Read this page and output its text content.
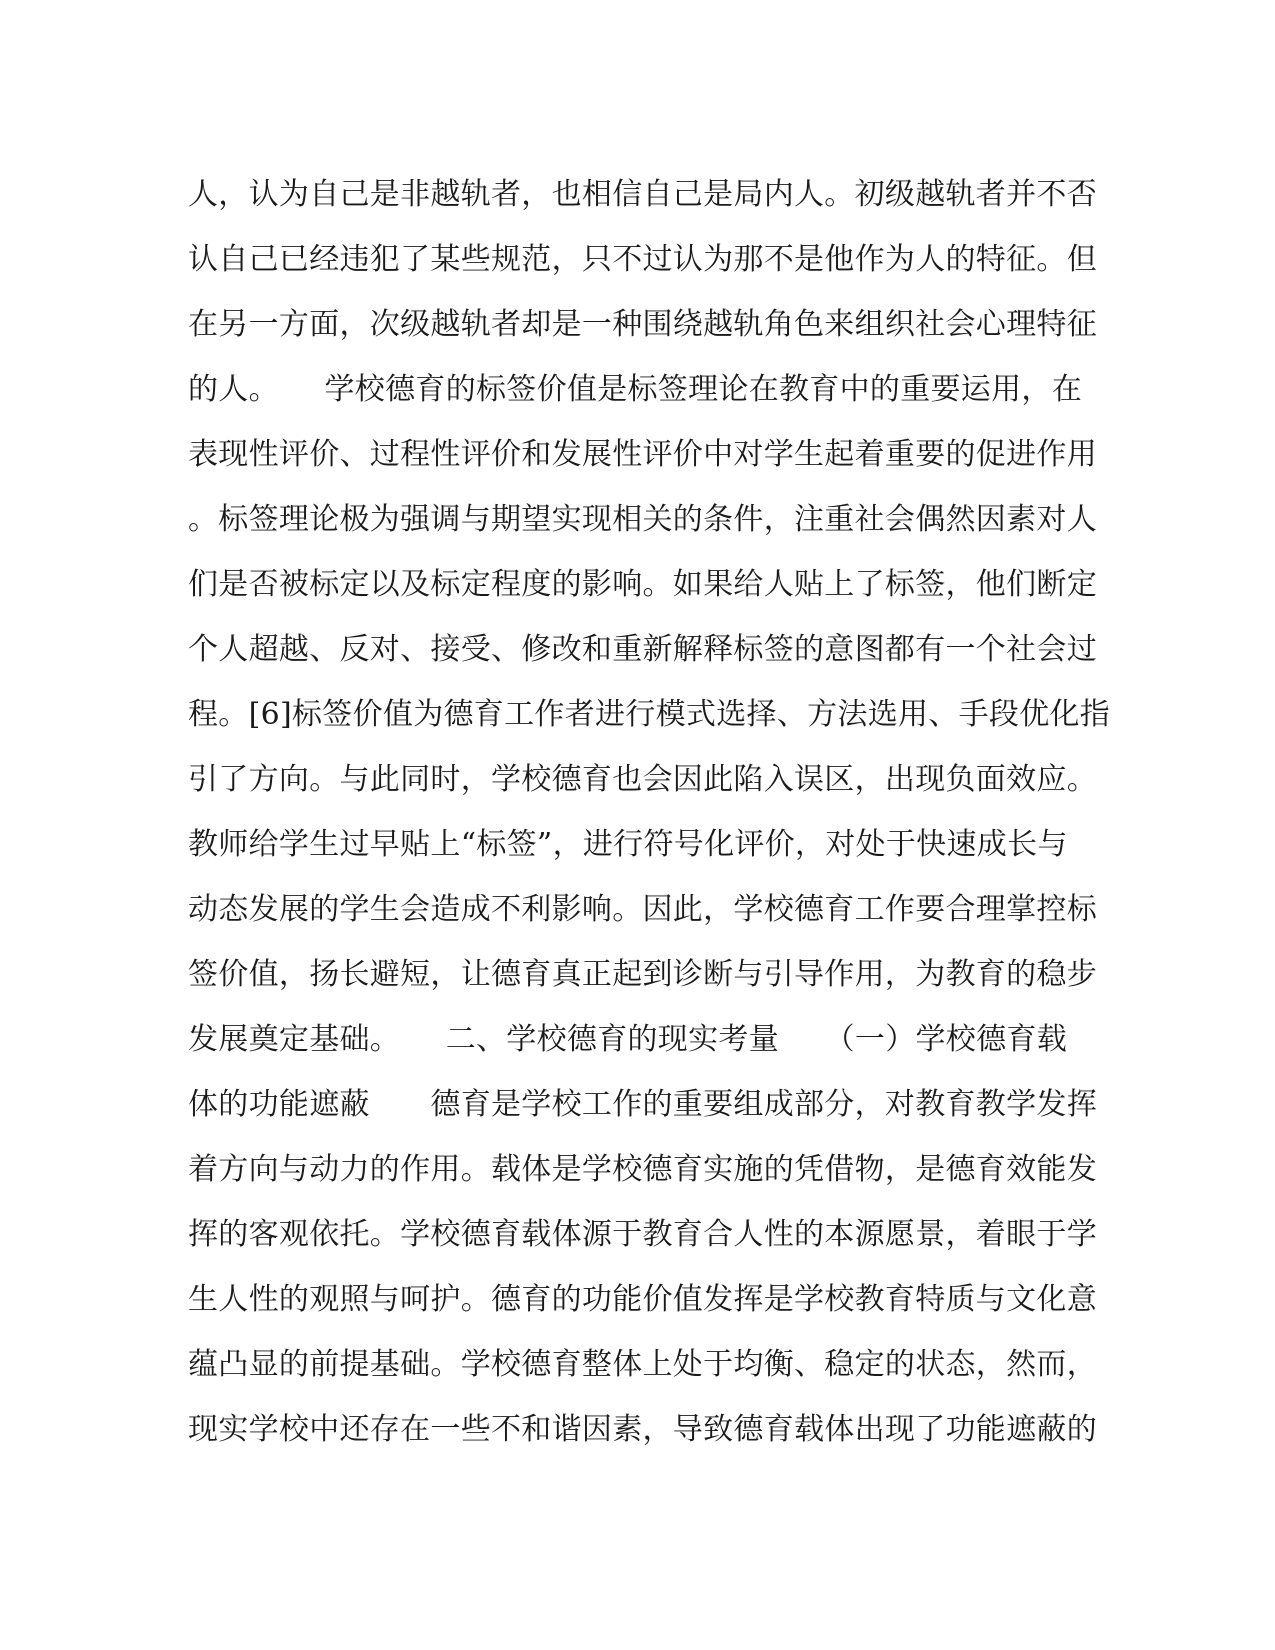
人，认为自己是非越轨者，也相信自己是局内人。初级越轨者并不否
认自己已经违犯了某些规范，只不过认为那不是他作为人的特征。但
在另一方面，次级越轨者却是一种围绕越轨角色来组织社会心理特征
的人。　　学校德育的标签价值是标签理论在教育中的重要运用，在
表现性评价、过程性评价和发展性评价中对学生起着重要的促进作用
。标签理论极为强调与期望实现相关的条件，注重社会偶然因素对人
们是否被标定以及标定程度的影响。如果给人贴上了标签，他们断定
个人超越、反对、接受、修改和重新解释标签的意图都有一个社会过
程。[6]标签价值为德育工作者进行模式选择、方法选用、手段优化指
引了方向。与此同时，学校德育也会因此陷入误区，出现负面效应。
教师给学生过早贴上“标签”，进行符号化评价，对处于快速成长与
动态发展的学生会造成不利影响。因此，学校德育工作要合理掌控标
签价值，扬长避短，让德育真正起到诊断与引导作用，为教育的稳步
发展奠定基础。　　二、学校德育的现实考量　　（一）学校德育载
体的功能遮蔽　　德育是学校工作的重要组成部分，对教育教学发挥
着方向与动力的作用。载体是学校德育实施的凭借物，是德育效能发
挥的客观依托。学校德育载体源于教育合人性的本源愿景，着眼于学
生人性的观照与呵护。德育的功能价值发挥是学校教育特质与文化意
蕴凸显的前提基础。学校德育整体上处于均衡、稳定的状态，然而，
现实学校中还存在一些不和谐因素，导致德育载体出现了功能遮蔽的
